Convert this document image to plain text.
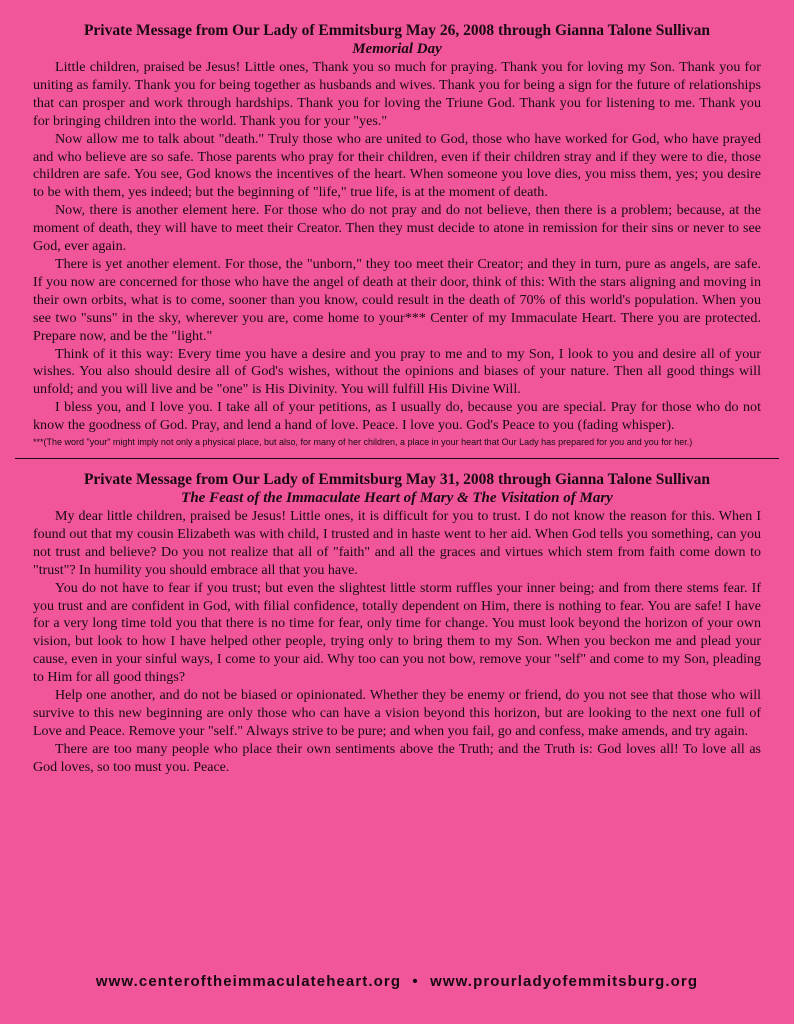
Private Message from Our Lady of Emmitsburg May 26, 2008 through Gianna Talone Sullivan
Memorial Day

Little children, praised be Jesus! Little ones, Thank you so much for praying. Thank you for loving my Son. Thank you for uniting as family. Thank you for being together as husbands and wives. Thank you for being a sign for the future of relationships that can prosper and work through hardships. Thank you for loving the Triune God. Thank you for listening to me. Thank you for bringing children into the world. Thank you for your "yes."

Now allow me to talk about "death." Truly those who are united to God, those who have worked for God, who have prayed and who believe are so safe. Those parents who pray for their children, even if their children stray and if they were to die, those children are safe. You see, God knows the incentives of the heart. When someone you love dies, you miss them, yes; you desire to be with them, yes indeed; but the beginning of "life," true life, is at the moment of death.

Now, there is another element here. For those who do not pray and do not believe, then there is a problem; because, at the moment of death, they will have to meet their Creator. Then they must decide to atone in remission for their sins or never to see God, ever again.

There is yet another element. For those, the "unborn," they too meet their Creator; and they in turn, pure as angels, are safe. If you now are concerned for those who have the angel of death at their door, think of this: With the stars aligning and moving in their own orbits, what is to come, sooner than you know, could result in the death of 70% of this world's population. When you see two "suns" in the sky, wherever you are, come home to your*** Center of my Immaculate Heart. There you are protected. Prepare now, and be the "light."

Think of it this way: Every time you have a desire and you pray to me and to my Son, I look to you and desire all of your wishes. You also should desire all of God's wishes, without the opinions and biases of your nature. Then all good things will unfold; and you will live and be "one" is His Divinity. You will fulfill His Divine Will.

I bless you, and I love you. I take all of your petitions, as I usually do, because you are special. Pray for those who do not know the goodness of God. Pray, and lend a hand of love. Peace. I love you. God's Peace to you (fading whisper).

***(The word "your" might imply not only a physical place, but also, for many of her children, a place in your heart that Our Lady has prepared for you and you for her.)

Private Message from Our Lady of Emmitsburg May 31, 2008 through Gianna Talone Sullivan
The Feast of the Immaculate Heart of Mary & The Visitation of Mary

My dear little children, praised be Jesus! Little ones, it is difficult for you to trust. I do not know the reason for this. When I found out that my cousin Elizabeth was with child, I trusted and in haste went to her aid. When God tells you something, can you not trust and believe? Do you not realize that all of "faith" and all the graces and virtues which stem from faith come down to "trust"? In humility you should embrace all that you have.

You do not have to fear if you trust; but even the slightest little storm ruffles your inner being; and from there stems fear. If you trust and are confident in God, with filial confidence, totally dependent on Him, there is nothing to fear. You are safe! I have for a very long time told you that there is no time for fear, only time for change. You must look beyond the horizon of your own vision, but look to how I have helped other people, trying only to bring them to my Son. When you beckon me and plead your cause, even in your sinful ways, I come to your aid. Why too can you not bow, remove your "self" and come to my Son, pleading to Him for all good things?

Help one another, and do not be biased or opinionated. Whether they be enemy or friend, do you not see that those who will survive to this new beginning are only those who can have a vision beyond this horizon, but are looking to the next one full of Love and Peace. Remove your "self." Always strive to be pure; and when you fail, go and confess, make amends, and try again.

There are too many people who place their own sentiments above the Truth; and the Truth is: God loves all! To love all as God loves, so too must you. Peace.

www.centeroftheimmaculateheart.org • www.prourladyofemmitsburg.org
